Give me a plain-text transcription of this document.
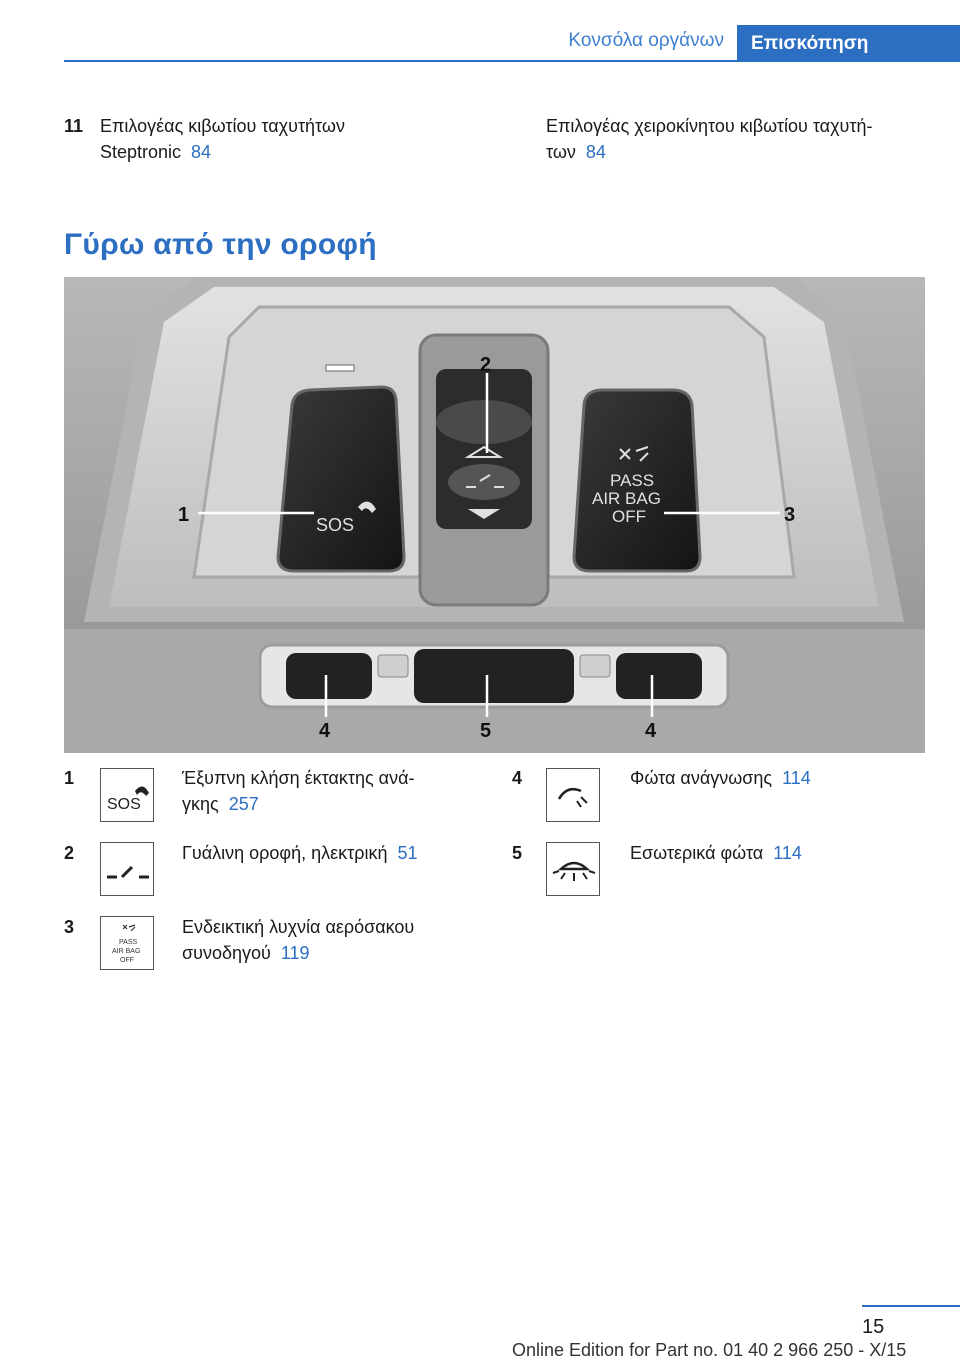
Κονσόλα οργάνων	Επισκόπηση
11 Επιλογέας κιβωτίου ταχυτήτων
Steptronic 84
Επιλογέας χειροκίνητου κιβωτίου ταχυτή-
των 84
Γύρω από την οροφή
SOS
PASS
AIR BAG
OFF
1
2
3
4	5	4
1
SOS
Έξυπνη κλήση έκτακτης ανά-
γκης 257
2	Γυάλινη οροφή, ηλεκτρική 51
3
PASS
AIR BAG
OFF
Ενδεικτική λυχνία αερόσακου
συνοδηγού 119
4	Φώτα ανάγνωσης 114
5	Εσωτερικά φώτα 114
15
Online Edition for Part no. 01 40 2 966 250 - X/15
